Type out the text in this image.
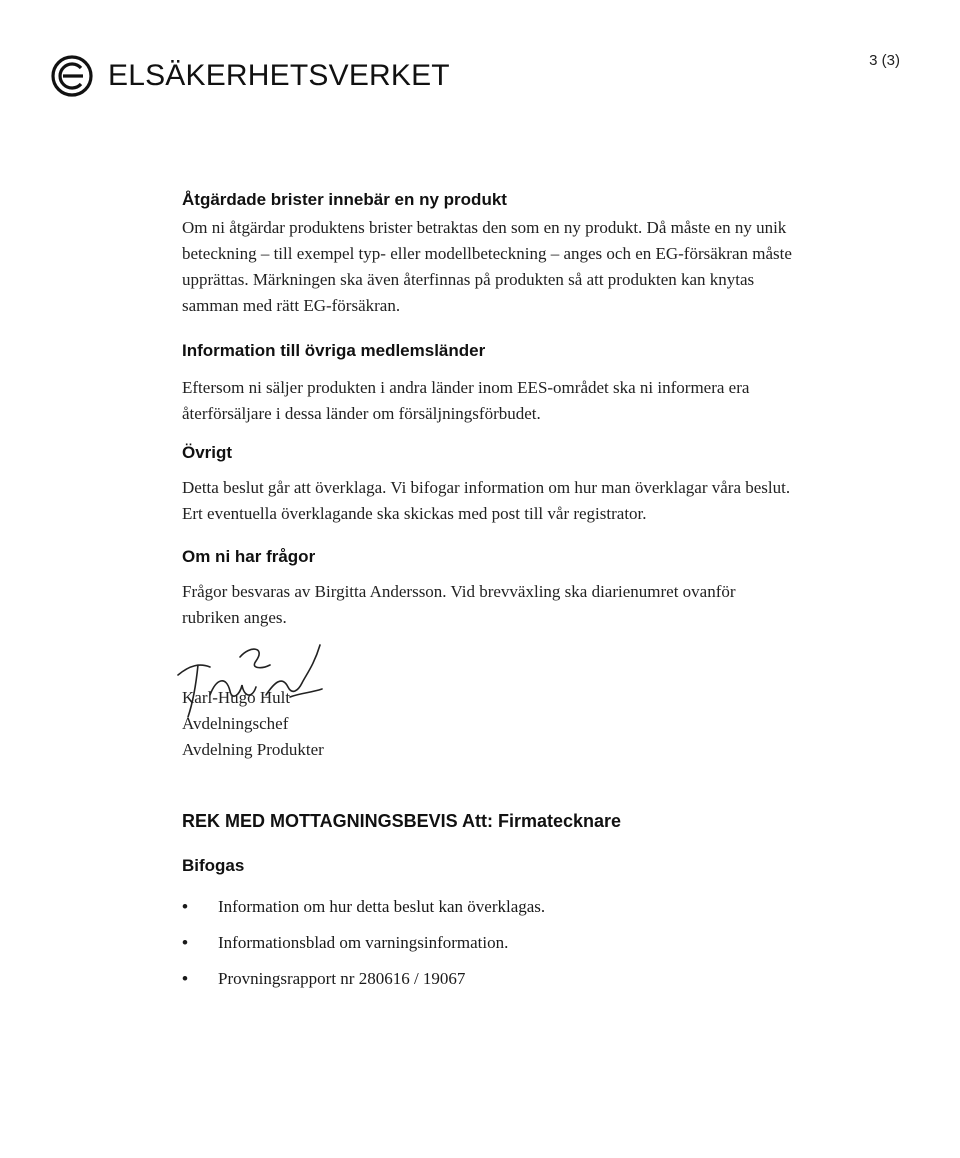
ELSÄKERHETSVERKET	3 (3)
Åtgärdade brister innebär en ny produkt

Om ni åtgärdar produktens brister betraktas den som en ny produkt. Då måste en ny unik beteckning – till exempel typ- eller modellbeteckning – anges och en EG-försäkran måste upprättas. Märkningen ska även återfinnas på produkten så att produkten kan knytas samman med rätt EG-försäkran.

Information till övriga medlemsländer

Eftersom ni säljer produkten i andra länder inom EES-området ska ni informera era återförsäljare i dessa länder om försäljningsförbudet.

Övrigt

Detta beslut går att överklaga. Vi bifogar information om hur man överklagar våra beslut. Ert eventuella överklagande ska skickas med post till vår registrator.

Om ni har frågor

Frågor besvaras av Birgitta Andersson. Vid brevväxling ska diarienumret ovanför rubriken anges.

Karl-Hugo Hult

Avdelningschef

Avdelning Produkter

REK MED MOTTAGNINGSBEVIS Att: Firmatecknare
Bifogas
•	Information om hur detta beslut kan överklagas.
•	Informationsblad om varningsinformation.
•	Provningsrapport nr 280616 / 19067
